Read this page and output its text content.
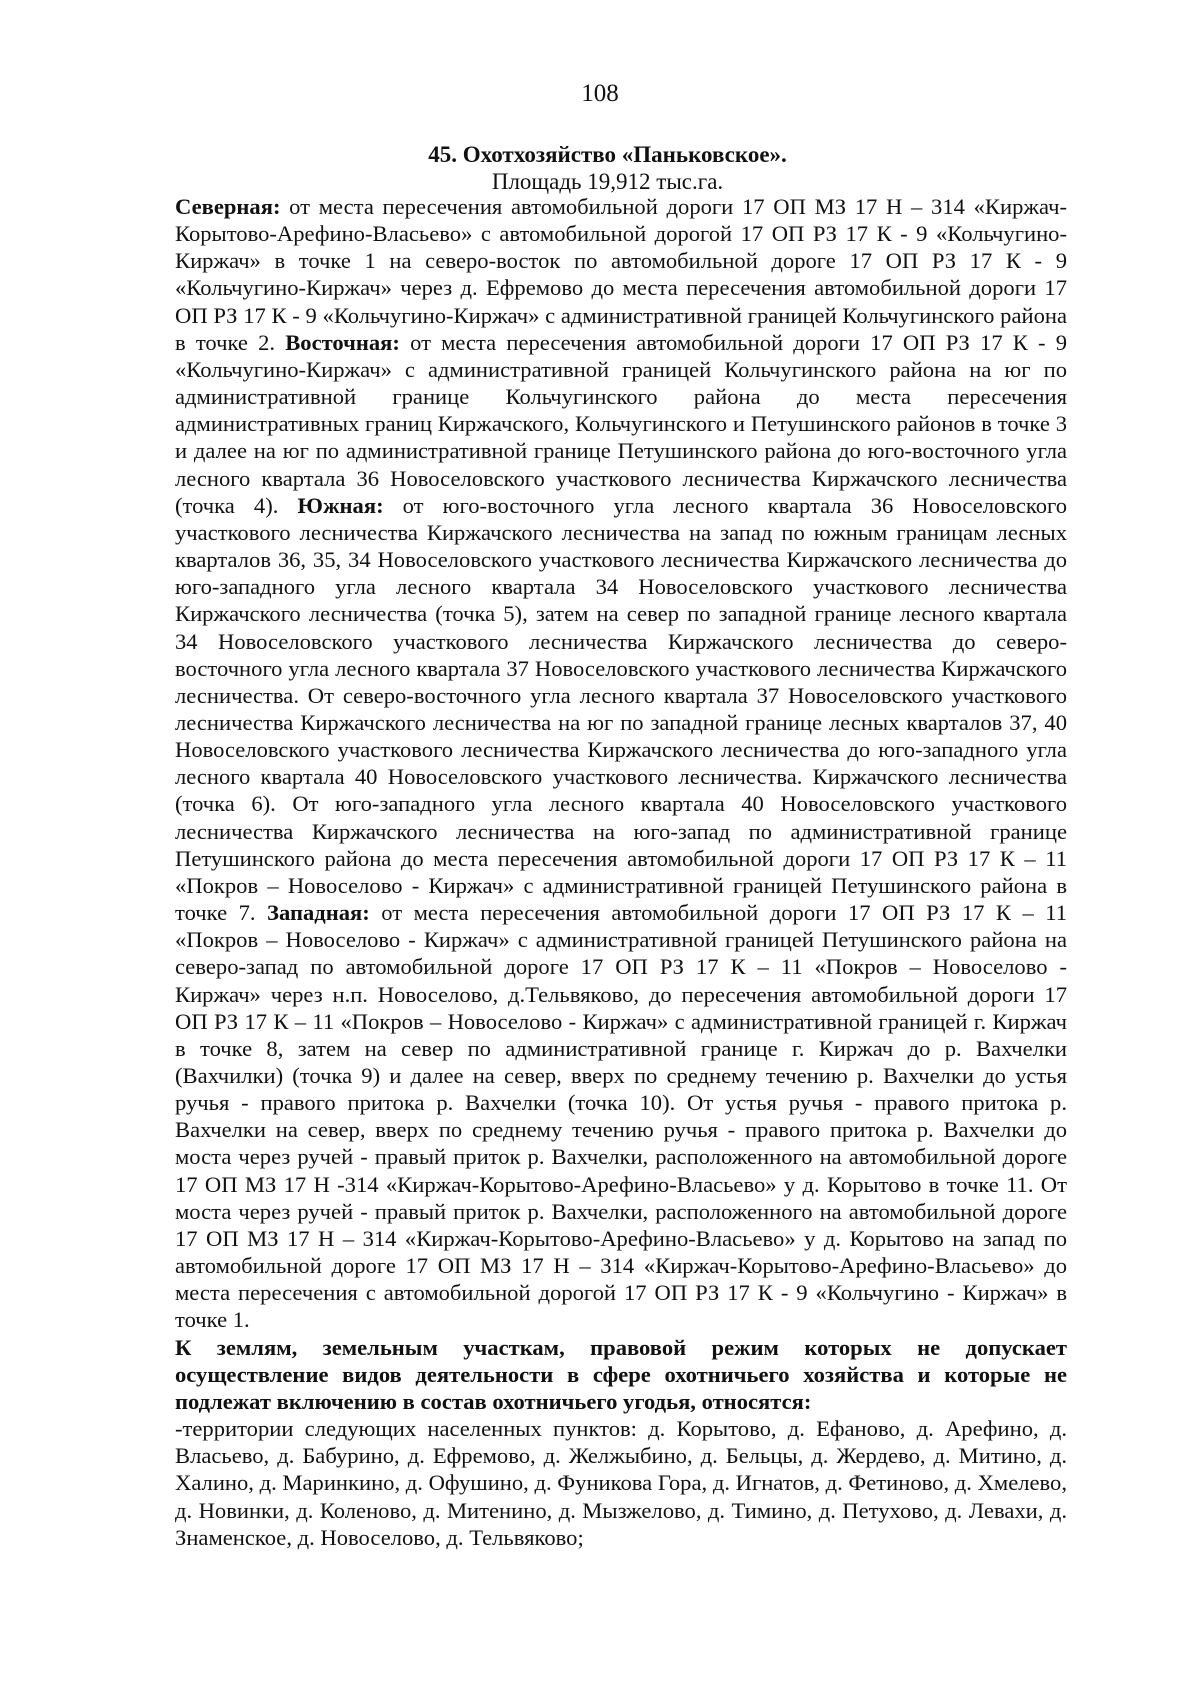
108
45. Охотхозяйство «Паньковское».
Площадь 19,912 тыс.га.

Северная: от места пересечения автомобильной дороги 17 ОП МЗ 17 Н – 314 «Киржач-Корытово-Арефино-Власьево» с автомобильной дорогой 17 ОП РЗ 17 К - 9 «Кольчугино-Киржач» в точке 1 на северо-восток по автомобильной дороге 17 ОП РЗ 17 К - 9 «Кольчугино-Киржач» через д. Ефремово до места пересечения автомобильной дороги 17 ОП РЗ 17 К - 9 «Кольчугино-Киржач» с административной границей Кольчугинского района в точке 2. Восточная: от места пересечения автомобильной дороги 17 ОП РЗ 17 К - 9 «Кольчугино-Киржач» с административной границей Кольчугинского района на юг по административной границе Кольчугинского района до места пересечения административных границ Киржачского, Кольчугинского и Петушинского районов в точке 3 и далее на юг по административной границе Петушинского района до юго-восточного угла лесного квартала 36 Новоселовского участкового лесничества Киржачского лесничества (точка 4). Южная: от юго-восточного угла лесного квартала 36 Новоселовского участкового лесничества Киржачского лесничества на запад по южным границам лесных кварталов 36, 35, 34 Новоселовского участкового лесничества Киржачского лесничества до юго-западного угла лесного квартала 34 Новоселовского участкового лесничества Киржачского лесничества (точка 5), затем на север по западной границе лесного квартала 34 Новоселовского участкового лесничества Киржачского лесничества до северо-восточного угла лесного квартала 37 Новоселовского участкового лесничества Киржачского лесничества. От северо-восточного угла лесного квартала 37 Новоселовского участкового лесничества Киржачского лесничества на юг по западной границе лесных кварталов 37, 40 Новоселовского участкового лесничества Киржачского лесничества до юго-западного угла лесного квартала 40 Новоселовского участкового лесничества. Киржачского лесничества (точка 6). От юго-западного угла лесного квартала 40 Новоселовского участкового лесничества Киржачского лесничества на юго-запад по административной границе Петушинского района до места пересечения автомобильной дороги 17 ОП РЗ 17 К – 11 «Покров – Новоселово - Киржач» с административной границей Петушинского района в точке 7. Западная: от места пересечения автомобильной дороги 17 ОП РЗ 17 К – 11 «Покров – Новоселово - Киржач» с административной границей Петушинского района на северо-запад по автомобильной дороге 17 ОП РЗ 17 К – 11 «Покров – Новоселово - Киржач» через н.п. Новоселово, д.Тельвяково, до пересечения автомобильной дороги 17 ОП РЗ 17 К – 11 «Покров – Новоселово - Киржач» с административной границей г. Киржач в точке 8, затем на север по административной границе г. Киржач до р. Вахчелки (Вахчилки) (точка 9) и далее на север, вверх по среднему течению р. Вахчелки до устья ручья - правого притока р. Вахчелки (точка 10). От устья ручья - правого притока р. Вахчелки на север, вверх по среднему течению ручья - правого притока р. Вахчелки до моста через ручей - правый приток р. Вахчелки, расположенного на автомобильной дороге 17 ОП МЗ 17 Н -314 «Киржач-Корытово-Арефино-Власьево» у д. Корытово в точке 11. От моста через ручей - правый приток р. Вахчелки, расположенного на автомобильной дороге 17 ОП МЗ 17 Н – 314 «Киржач-Корытово-Арефино-Власьево» у д. Корытово на запад по автомобильной дороге 17 ОП МЗ 17 Н – 314 «Киржач-Корытово-Арефино-Власьево» до места пересечения с автомобильной дорогой 17 ОП РЗ 17 К - 9 «Кольчугино - Киржач» в точке 1.

К землям, земельным участкам, правовой режим которых не допускает осуществление видов деятельности в сфере охотничьего хозяйства и которые не подлежат включению в состав охотничьего угодья, относятся:

-территории следующих населенных пунктов: д. Корытово, д. Ефаново, д. Арефино, д. Власьево, д. Бабурино, д. Ефремово, д. Желжыбино, д. Бельцы, д. Жердево, д. Митино, д. Халино, д. Маринкино, д. Офушино, д. Фуникова Гора, д. Игнатов, д. Фетиново, д. Хмелево, д. Новинки, д. Коленово, д. Митенино, д. Мызжелово, д. Тимино, д. Петухово, д. Левахи, д. Знаменское, д. Новоселово, д. Тельвяково;
